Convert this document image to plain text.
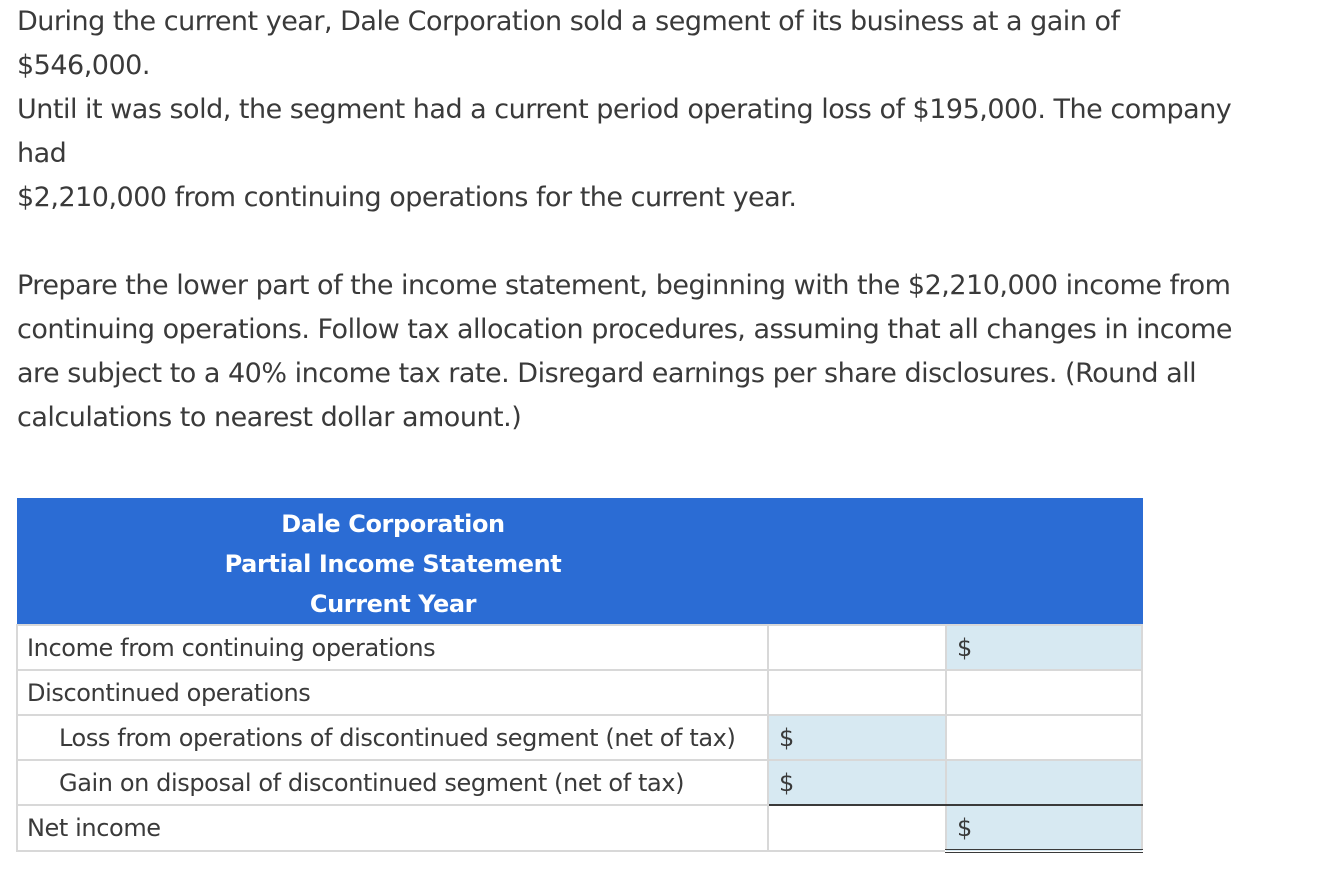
During the current year, Dale Corporation sold a segment of its business at a gain of

$546,000.

Until it was sold, the segment had a current period operating loss of $195,000. The company

had

$2,210,000 from continuing operations for the current year.

Prepare the lower part of the income statement, beginning with the $2,210,000 income from

continuing operations. Follow tax allocation procedures, assuming that all changes in income

are subject to a 40% income tax rate. Disregard earnings per share disclosures. (Round all

calculations to nearest dollar amount.)

Dale Corporation
Partial Income Statement
Current Year		

Income from continuing operations		$
Discontinued operations		
Loss from operations of discontinued segment (net of tax)	$	
Gain on disposal of discontinued segment (net of tax)	$	
Net income		$
